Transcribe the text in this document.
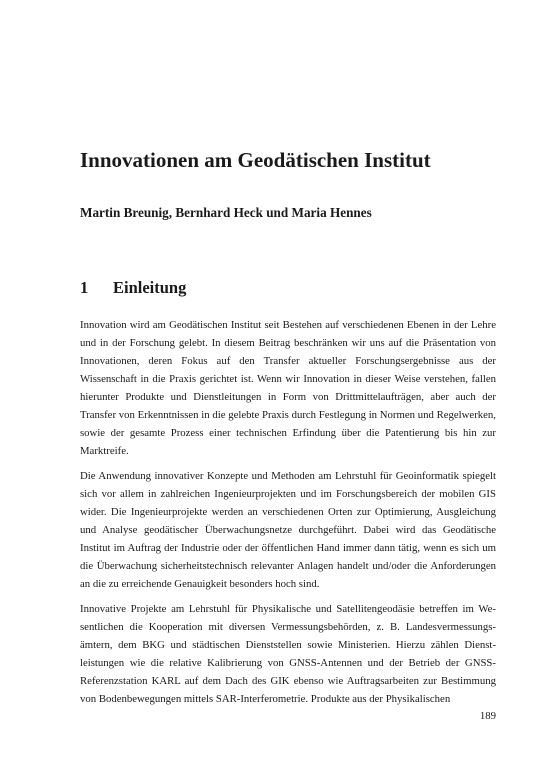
Innovationen am Geodätischen Institut
Martin Breunig, Bernhard Heck und Maria Hennes
1 Einleitung

Innovation wird am Geodätischen Institut seit Bestehen auf verschiedenen Ebenen in der Lehre und in der Forschung gelebt. In diesem Beitrag beschränken wir uns auf die Präsentation von Innovationen, deren Fokus auf den Transfer aktueller Forschungsergebnisse aus der Wissenschaft in die Praxis gerichtet ist. Wenn wir Innovation in dieser Weise verstehen, fallen hierunter Produkte und Dienstleitungen in Form von Drittmittelaufträgen, aber auch der Transfer von Erkenntnissen in die gelebte Praxis durch Festlegung in Normen und Regelwerken, sowie der gesamte Prozess einer technischen Erfindung über die Patentierung bis hin zur Marktreife.

Die Anwendung innovativer Konzepte und Methoden am Lehrstuhl für Geoinformatik spiegelt sich vor allem in zahlreichen Ingenieurprojekten und im Forschungsbereich der mobilen GIS wider. Die Ingenieurprojekte werden an verschiedenen Orten zur Optimierung, Ausgleichung und Analyse geodätischer Überwachungsnetze durchgeführt. Dabei wird das Geodätische Institut im Auftrag der Industrie oder der öffentlichen Hand immer dann tätig, wenn es sich um die Überwachung sicherheitstechnisch relevanter Anlagen handelt und/oder die Anforderungen an die zu erreichende Genauigkeit besonders hoch sind.

Innovative Projekte am Lehrstuhl für Physikalische und Satellitengeodäsie betreffen im Wesentlichen die Kooperation mit diversen Vermessungsbehörden, z. B. Landesvermessungsämtern, dem BKG und städtischen Dienststellen sowie Ministerien. Hierzu zählen Dienstleistungen wie die relative Kalibrierung von GNSS-Antennen und der Betrieb der GNSS-Referenzstation KARL auf dem Dach des GIK ebenso wie Auftragsarbeiten zur Bestimmung von Bodenbewegungen mittels SAR-Interferometrie. Produkte aus der Physikalischen

189
